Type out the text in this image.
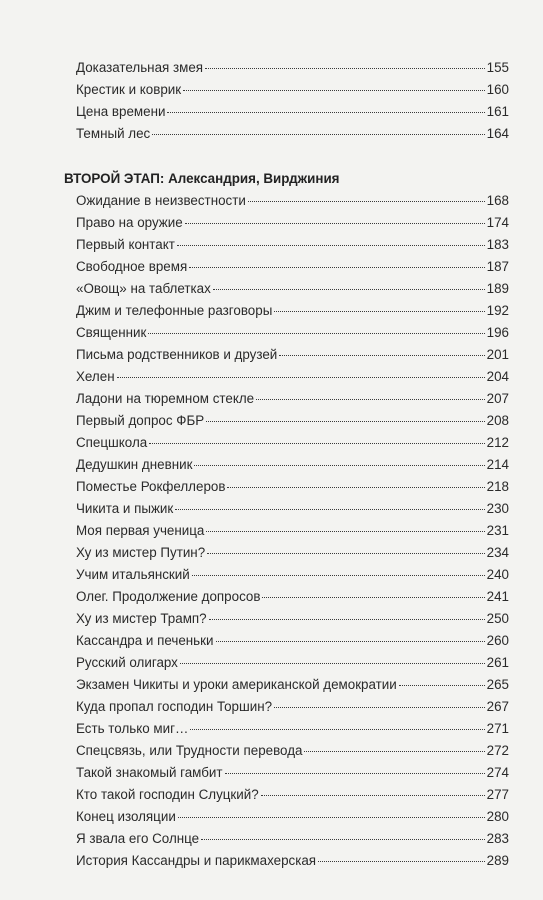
Доказательная змея	155
Крестик и коврик	160
Цена времени	161
Темный лес	164
ВТОРОЙ ЭТАП: Александрия, Вирджиния
Ожидание в неизвестности	168
Право на оружие	174
Первый контакт	183
Свободное время	187
«Овощ» на таблетках	189
Джим и телефонные разговоры	192
Священник	196
Письма родственников и друзей	201
Хелен	204
Ладони на тюремном стекле	207
Первый допрос ФБР	208
Спецшкола	212
Дедушкин дневник	214
Поместье Рокфеллеров	218
Чикита и пыжик	230
Моя первая ученица	231
Ху из мистер Путин?	234
Учим итальянский	240
Олег. Продолжение допросов	241
Ху из мистер Трамп?	250
Кассандра и печеньки	260
Русский олигарх	261
Экзамен Чикиты и уроки американской демократии	265
Куда пропал господин Торшин?	267
Есть только миг…	271
Спецсвязь, или Трудности перевода	272
Такой знакомый гамбит	274
Кто такой господин Слуцкий?	277
Конец изоляции	280
Я звала его Солнце	283
История Кассандры и парикмахерская	289
